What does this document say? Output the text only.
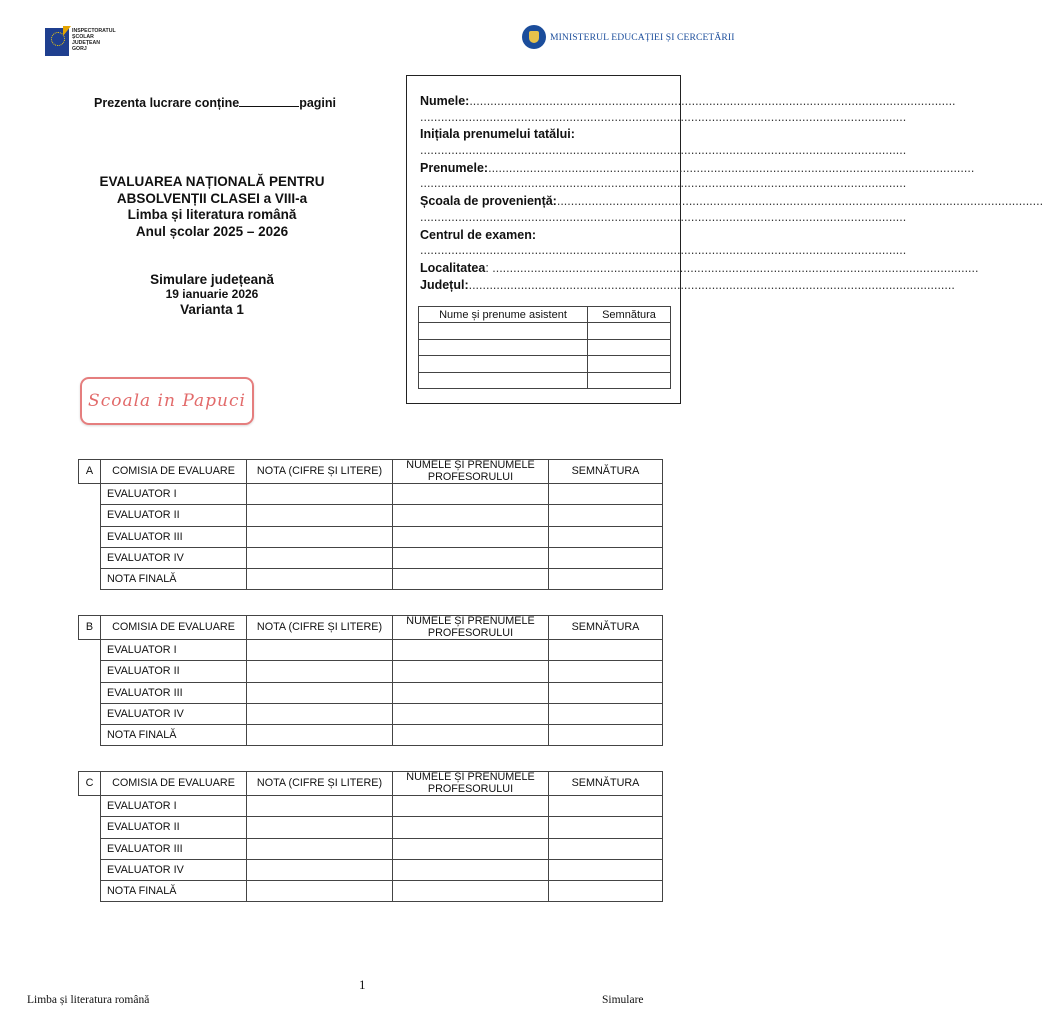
INSPECTORATUL
ȘCOLAR
JUDEȚEAN
GORJ
MINISTERUL EDUCAȚIEI ȘI CERCETĂRII
Prezenta lucrare conține	pagini
EVALUAREA NAȚIONALĂ PENTRU
ABSOLVENȚII CLASEI a VIII-a
Limba și literatura română
Anul școlar 2025 – 2026
Simulare județeană
19 ianuarie 2026
Varianta 1
Scoala in Papuci
Numele:............................................................................................................................................
............................................................................................................................................
Inițiala prenumelui tatălui:
............................................................................................................................................
Prenumele:............................................................................................................................................
............................................................................................................................................
Școala de proveniență:............................................................................................................................................
............................................................................................................................................
Centrul de examen:
............................................................................................................................................
Localitatea: ............................................................................................................................................
Județul:............................................................................................................................................
Nume și prenume asistent	Semnătura

A	COMISIA DE EVALUARE	NOTA (CIFRE ȘI LITERE)	NUMELE ȘI PRENUMELE
PROFESORULUI	SEMNĂTURA
	EVALUATOR I			
	EVALUATOR II			
	EVALUATOR III			
	EVALUATOR IV			
	NOTA FINALĂ			
B	COMISIA DE EVALUARE	NOTA (CIFRE ȘI LITERE)	NUMELE ȘI PRENUMELE
PROFESORULUI	SEMNĂTURA
	EVALUATOR I			
	EVALUATOR II			
	EVALUATOR III			
	EVALUATOR IV			
	NOTA FINALĂ			
C	COMISIA DE EVALUARE	NOTA (CIFRE ȘI LITERE)	NUMELE ȘI PRENUMELE
PROFESORULUI	SEMNĂTURA
	EVALUATOR I			
	EVALUATOR II			
	EVALUATOR III			
	EVALUATOR IV			
	NOTA FINALĂ			
1
Limba și literatura română	Simulare
